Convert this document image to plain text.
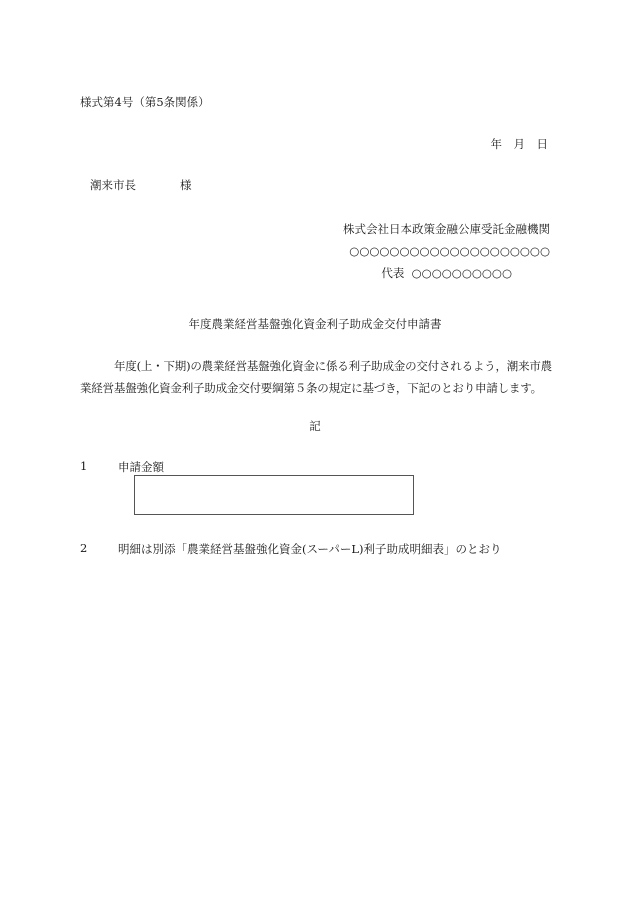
様式第4号（第5条関係）
年　月　日
潮来市長	様
株式会社日本政策金融公庫受託金融機関
○○○○○○○○○○○○○○○○○○○○
代表 ○○○○○○○○○○
年度農業経営基盤強化資金利子助成金交付申請書
年度(上・下期)の農業経営基盤強化資金に係る利子助成金の交付されるよう，潮来市農業経営基盤強化資金利子助成金交付要綱第５条の規定に基づき，下記のとおり申請します。
記
1	申請金額
2	明細は別添「農業経営基盤強化資金(スーパーL)利子助成明細表」のとおり
